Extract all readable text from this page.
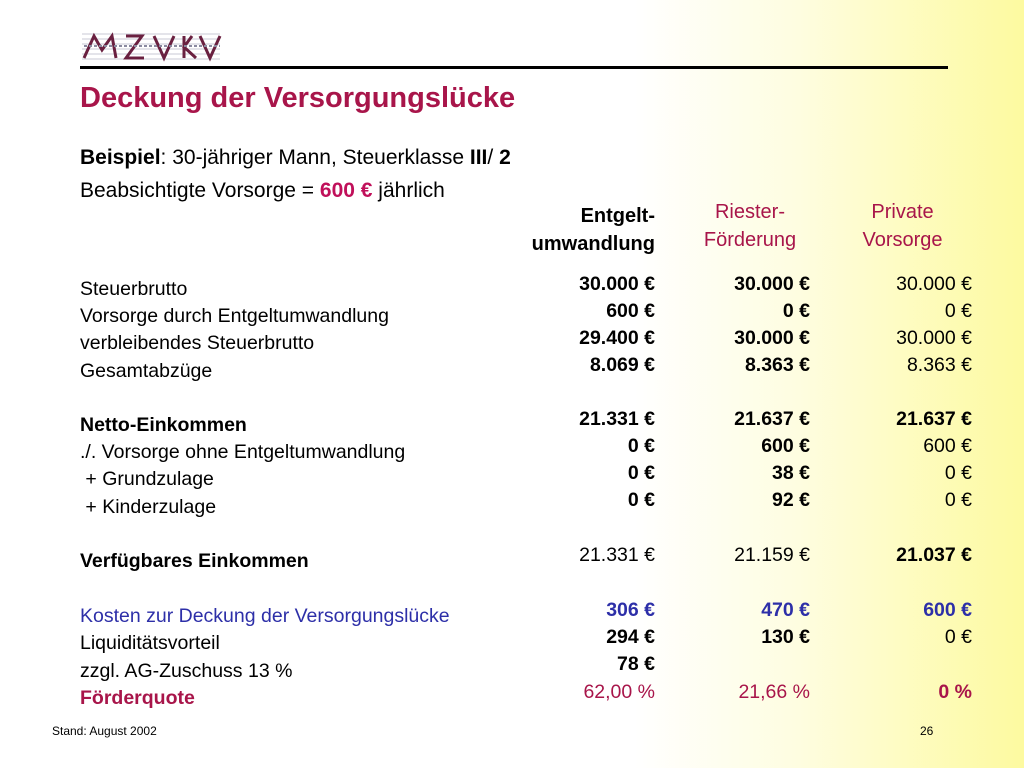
Deckung der Versorgungslücke
Beispiel: 30-jähriger Mann, Steuerklasse III/ 2
Beabsichtigte Vorsorge = 600 € jährlich
Entgelt-
umwandlung
Riester-
Förderung
Private
Vorsorge
Steuerbrutto	30.000 €	30.000 €	30.000 €
Vorsorge durch Entgeltumwandlung	600 €	0 €	0 €
verbleibendes Steuerbrutto	29.400 €	30.000 €	30.000 €
Gesamtabzüge	8.069 €	8.363 €	8.363 €
Netto-Einkommen	21.331 €	21.637 €	21.637 €
./. Vorsorge ohne Entgeltumwandlung	0 €	600 €	600 €
+ Grundzulage	0 €	38 €	0 €
+ Kinderzulage	0 €	92 €	0 €
Verfügbares Einkommen	21.331 €	21.159 €	21.037 €
Kosten zur Deckung der Versorgungslücke	306 €	470 €	600 €
Liquiditätsvorteil	294 €	130 €	0 €
zzgl. AG-Zuschuss 13 %	78 €
Förderquote	62,00 %	21,66 %	0 %
Stand: August 2002	26
